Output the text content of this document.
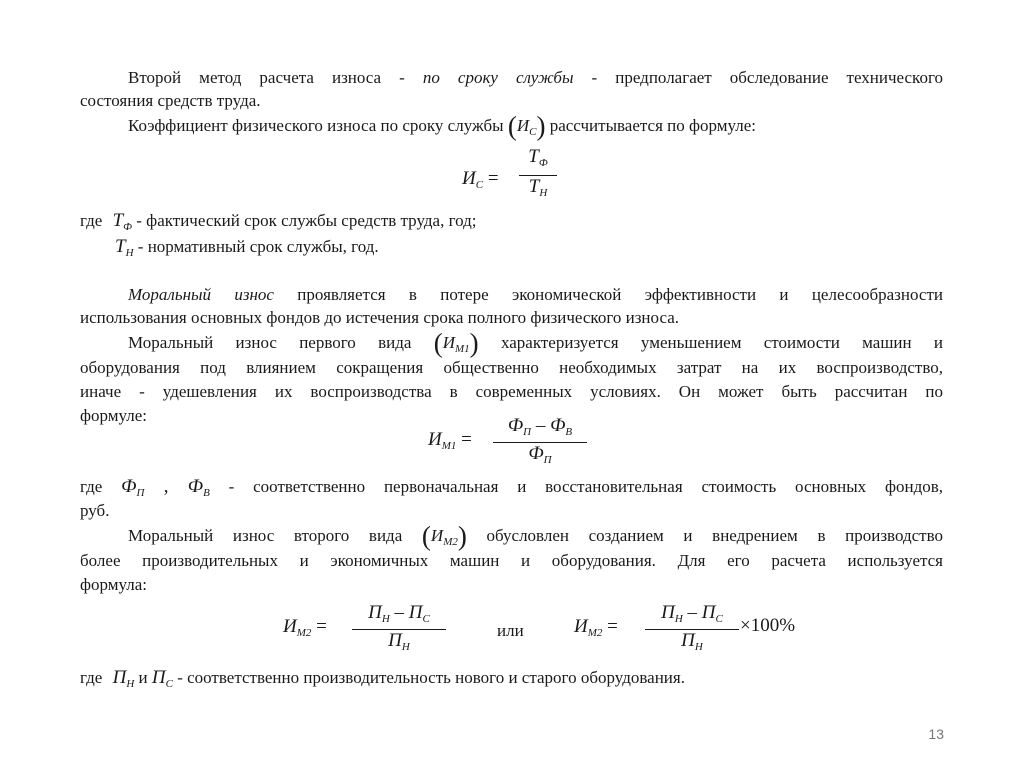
Второй метод расчета износа - по сроку службы - предполагает обследование технического
состояния средств труда.
Коэффициент физического износа по сроку службы $(И_С)$ рассчитывается по формуле:
$И_С$ =
$Т_Ф$
$Т_Н$
где $Т_Ф$ - фактический срок службы средств труда, год;
$Т_Н$ - нормативный срок службы, год.
Моральный износ проявляется в потере экономической эффективности и целесообразности
использования основных фондов до истечения срока полного физического износа.
Моральный износ первого вида $(И_{М1})$ характеризуется уменьшением стоимости машин и
оборудования под влиянием сокращения общественно необходимых затрат на их воспроизводство,
иначе - удешевления их воспроизводства в современных условиях. Он может быть рассчитан по
формуле:
$И_{М1}$ =
$Ф_П - Ф_В$
$Ф_П$
где $Ф_П$ , $Ф_В$ - соответственно первоначальная и восстановительная стоимость основных фондов,
руб.
Моральный износ второго вида $(И_{М2})$ обусловлен созданием и внедрением в производство
более производительных и экономичных машин и оборудования. Для его расчета используется
формула:
$И_{М2}$ =
$П_Н - П_С$
$П_Н$
или	$И_{М2}$ =
$П_Н - П_С$
$П_Н$
×100%
где $П_Н$ и $П_С$ - соответственно производительность нового и старого оборудования.
13
